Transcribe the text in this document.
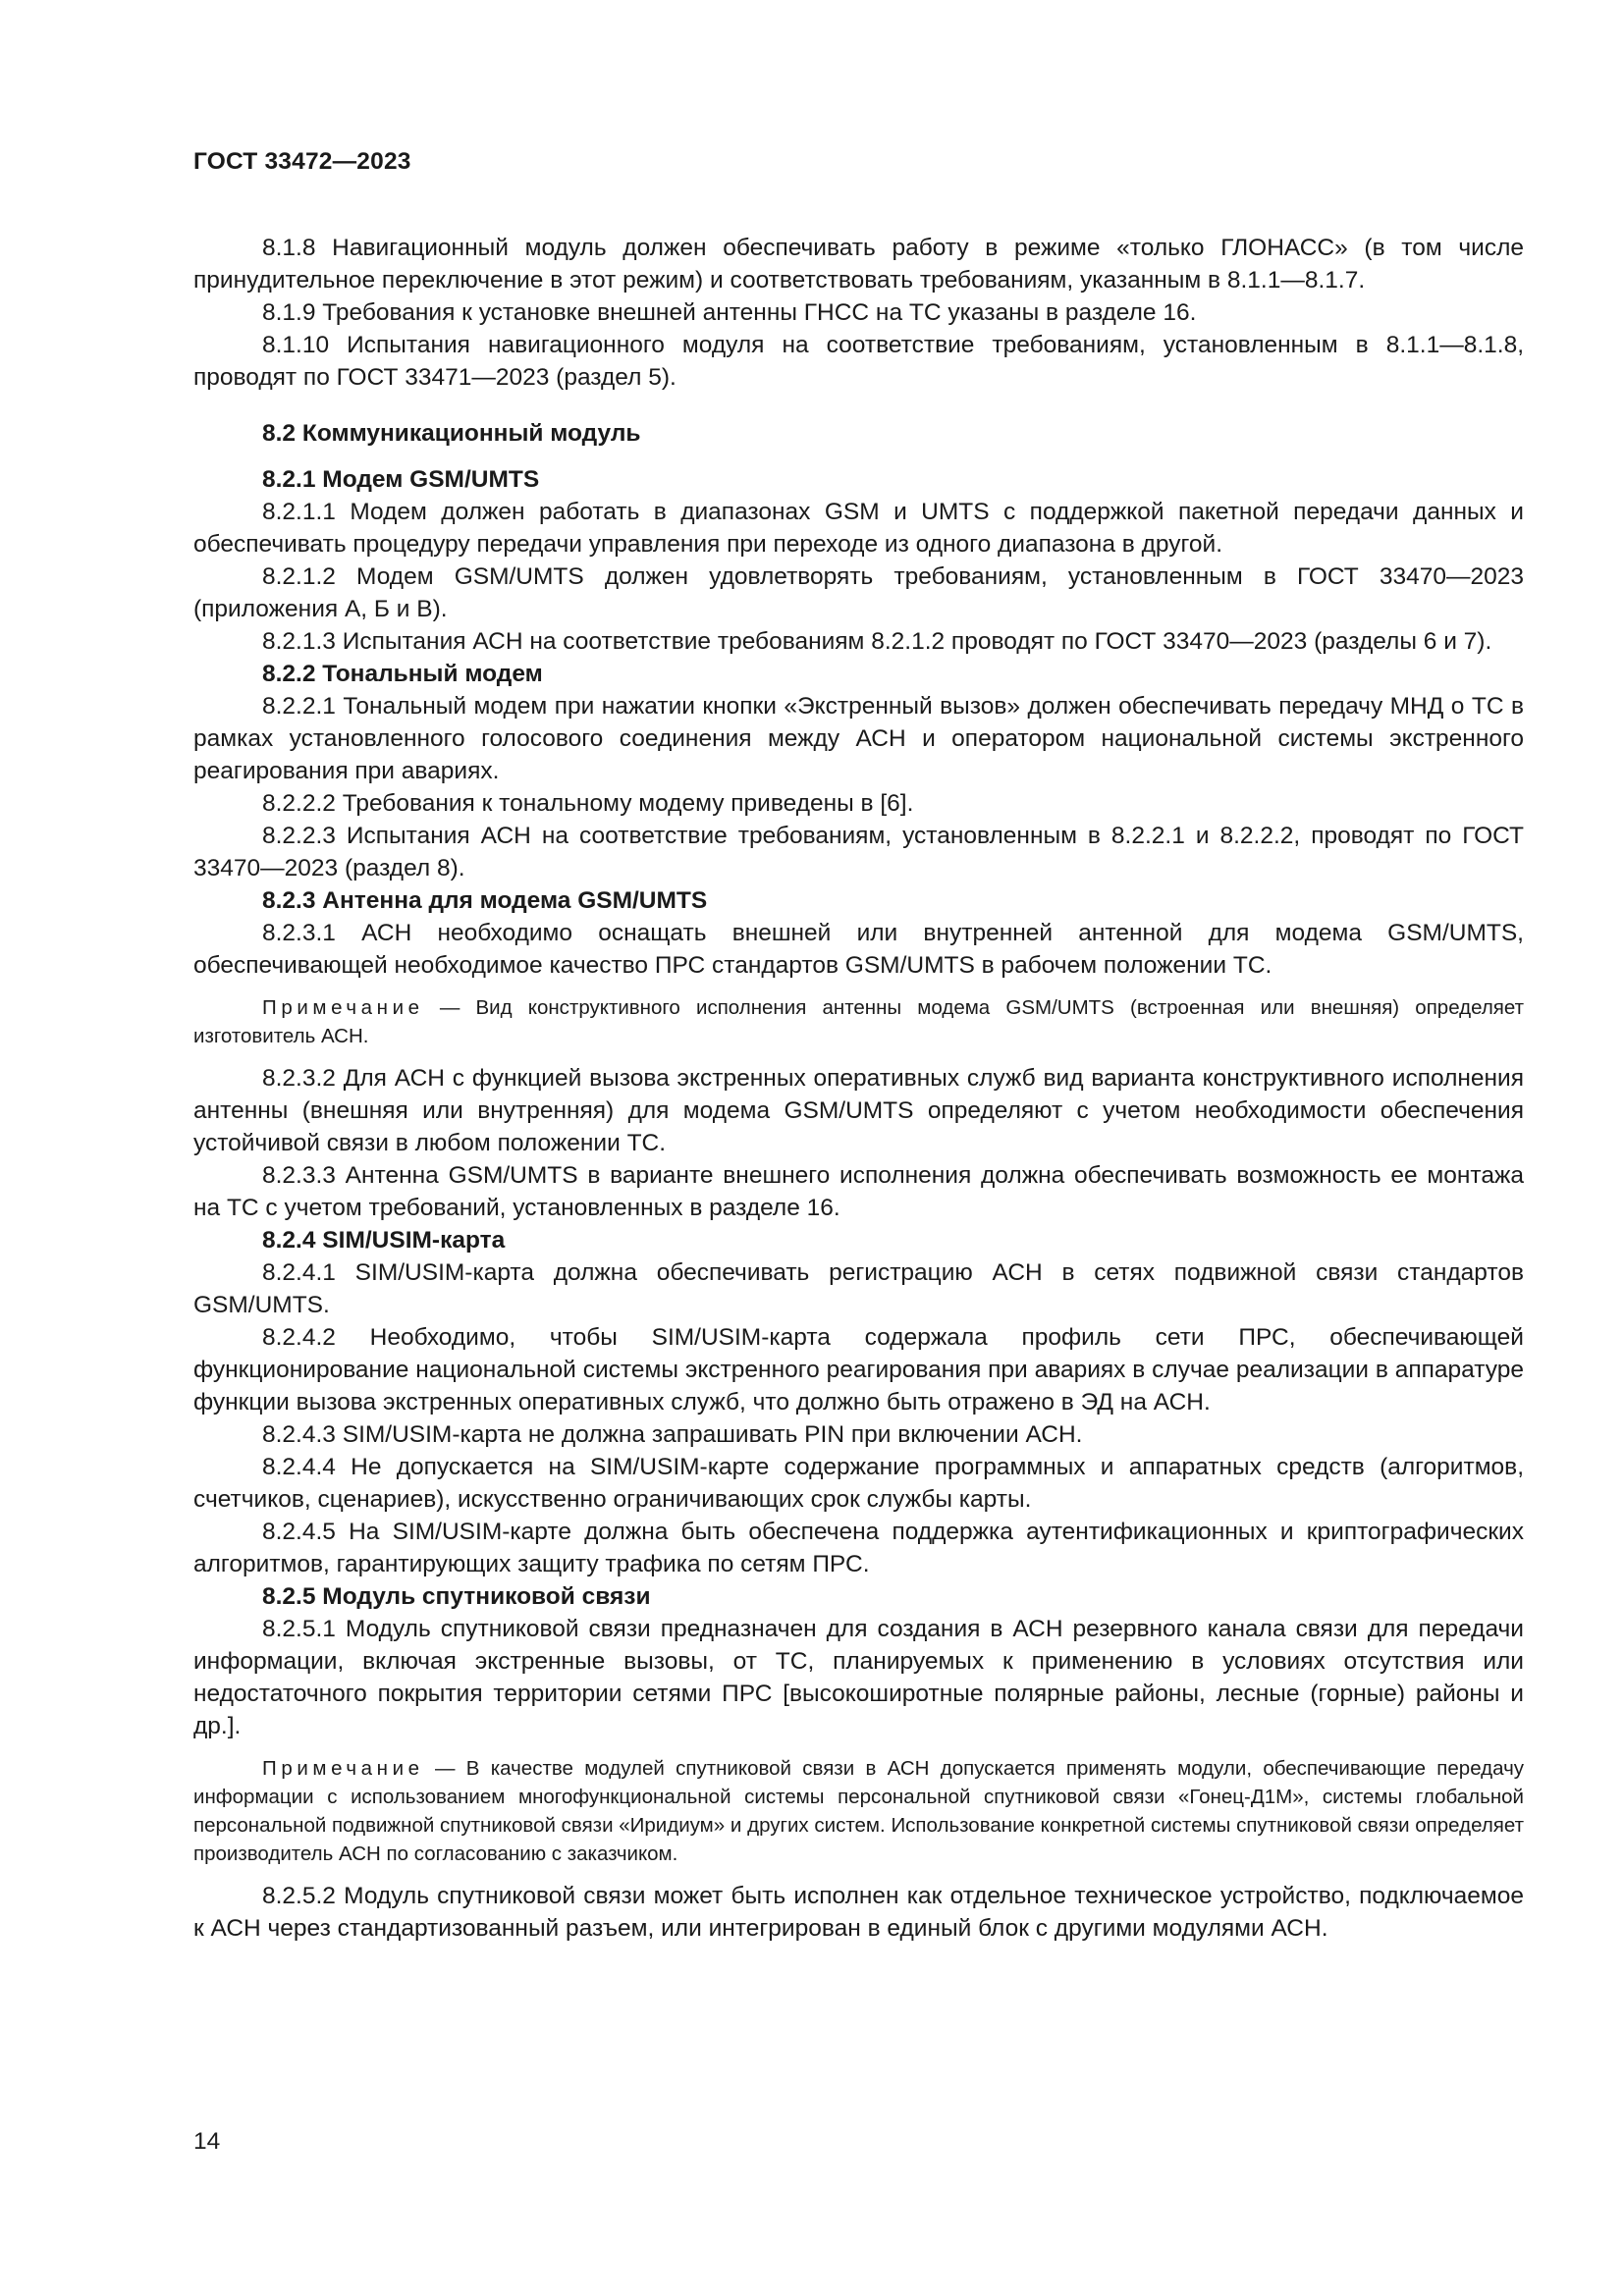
ГОСТ 33472—2023

8.1.8 Навигационный модуль должен обеспечивать работу в режиме «только ГЛОНАСС» (в том числе принудительное переключение в этот режим) и соответствовать требованиям, указанным в 8.1.1—8.1.7.

8.1.9 Требования к установке внешней антенны ГНСС на ТС указаны в разделе 16.

8.1.10 Испытания навигационного модуля на соответствие требованиям, установленным в 8.1.1—8.1.8, проводят по ГОСТ 33471—2023 (раздел 5).

8.2 Коммуникационный модуль

8.2.1 Модем GSM/UMTS

8.2.1.1 Модем должен работать в диапазонах GSM и UMTS с поддержкой пакетной передачи данных и обеспечивать процедуру передачи управления при переходе из одного диапазона в другой.

8.2.1.2 Модем GSM/UMTS должен удовлетворять требованиям, установленным в ГОСТ 33470—2023 (приложения А, Б и В).

8.2.1.3 Испытания АСН на соответствие требованиям 8.2.1.2 проводят по ГОСТ 33470—2023 (разделы 6 и 7).

8.2.2 Тональный модем

8.2.2.1 Тональный модем при нажатии кнопки «Экстренный вызов» должен обеспечивать передачу МНД о ТС в рамках установленного голосового соединения между АСН и оператором национальной системы экстренного реагирования при авариях.

8.2.2.2 Требования к тональному модему приведены в [6].

8.2.2.3 Испытания АСН на соответствие требованиям, установленным в 8.2.2.1 и 8.2.2.2, проводят по ГОСТ 33470—2023 (раздел 8).

8.2.3 Антенна для модема GSM/UMTS

8.2.3.1 АСН необходимо оснащать внешней или внутренней антенной для модема GSM/UMTS, обеспечивающей необходимое качество ПРС стандартов GSM/UMTS в рабочем положении ТС.

Примечание — Вид конструктивного исполнения антенны модема GSM/UMTS (встроенная или внешняя) определяет изготовитель АСН.

8.2.3.2 Для АСН с функцией вызова экстренных оперативных служб вид варианта конструктивного исполнения антенны (внешняя или внутренняя) для модема GSM/UMTS определяют с учетом необходимости обеспечения устойчивой связи в любом положении ТС.

8.2.3.3 Антенна GSM/UMTS в варианте внешнего исполнения должна обеспечивать возможность ее монтажа на ТС с учетом требований, установленных в разделе 16.

8.2.4 SIM/USIM-карта

8.2.4.1 SIM/USIM-карта должна обеспечивать регистрацию АСН в сетях подвижной связи стандартов GSM/UMTS.

8.2.4.2 Необходимо, чтобы SIM/USIM-карта содержала профиль сети ПРС, обеспечивающей функционирование национальной системы экстренного реагирования при авариях в случае реализации в аппаратуре функции вызова экстренных оперативных служб, что должно быть отражено в ЭД на АСН.

8.2.4.3 SIM/USIM-карта не должна запрашивать PIN при включении АСН.

8.2.4.4 Не допускается на SIM/USIM-карте содержание программных и аппаратных средств (алгоритмов, счетчиков, сценариев), искусственно ограничивающих срок службы карты.

8.2.4.5 На SIM/USIM-карте должна быть обеспечена поддержка аутентификационных и криптографических алгоритмов, гарантирующих защиту трафика по сетям ПРС.

8.2.5 Модуль спутниковой связи

8.2.5.1 Модуль спутниковой связи предназначен для создания в АСН резервного канала связи для передачи информации, включая экстренные вызовы, от ТС, планируемых к применению в условиях отсутствия или недостаточного покрытия территории сетями ПРС [высокоширотные полярные районы, лесные (горные) районы и др.].

Примечание — В качестве модулей спутниковой связи в АСН допускается применять модули, обеспечивающие передачу информации с использованием многофункциональной системы персональной спутниковой связи «Гонец-Д1М», системы глобальной персональной подвижной спутниковой связи «Иридиум» и других систем. Использование конкретной системы спутниковой связи определяет производитель АСН по согласованию с заказчиком.

8.2.5.2 Модуль спутниковой связи может быть исполнен как отдельное техническое устройство, подключаемое к АСН через стандартизованный разъем, или интегрирован в единый блок с другими модулями АСН.

14
